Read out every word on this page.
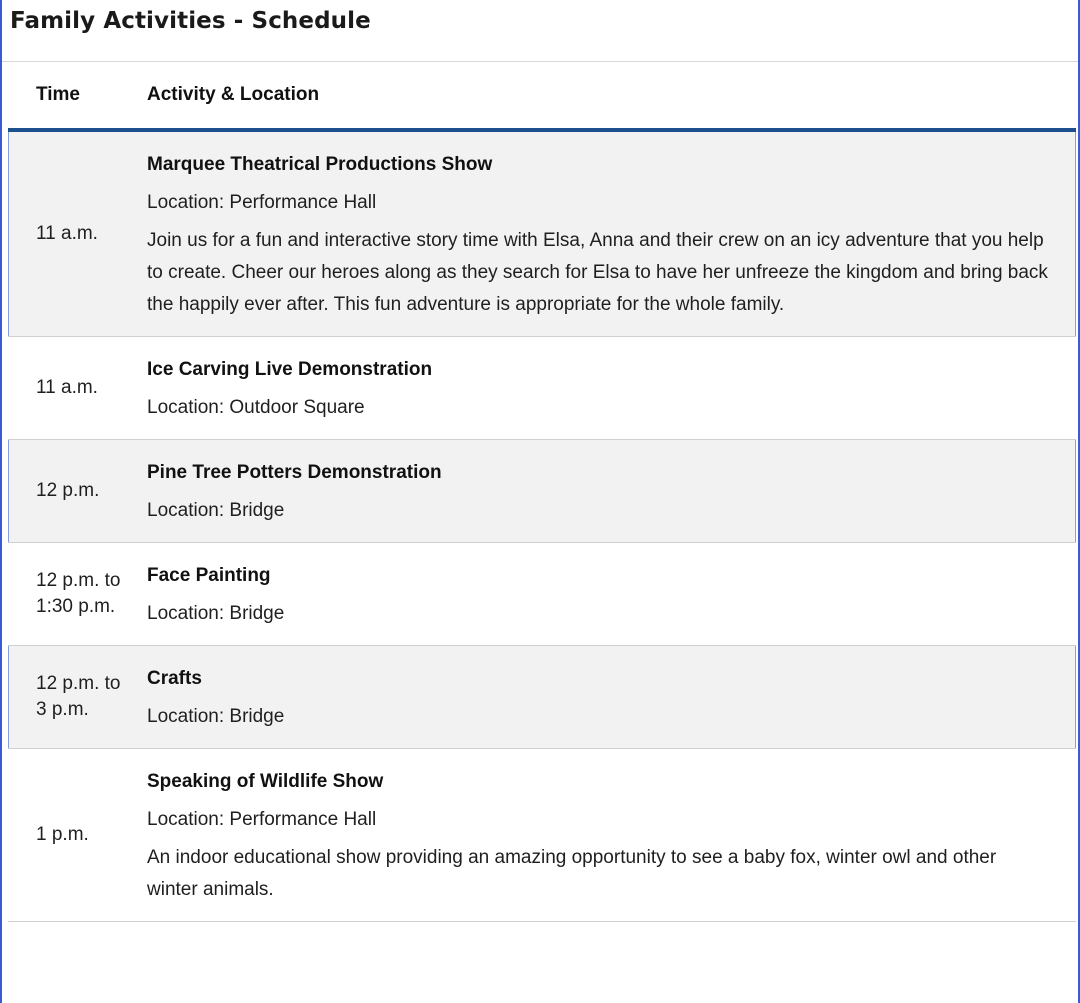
Family Activities - Schedule
Time	Activity & Location

11 a.m.	Marquee Theatrical Productions Show
Location: Performance Hall
Join us for a fun and interactive story time with Elsa, Anna and their crew on an icy adventure that you help to create. Cheer our heroes along as they search for Elsa to have her unfreeze the kingdom and bring back the happily ever after. This fun adventure is appropriate for the whole family.

11 a.m.	Ice Carving Live Demonstration
Location: Outdoor Square

12 p.m.	Pine Tree Potters Demonstration
Location: Bridge

12 p.m. to 1:30 p.m.	Face Painting
Location: Bridge

12 p.m. to 3 p.m.	Crafts
Location: Bridge

1 p.m.	Speaking of Wildlife Show
Location: Performance Hall
An indoor educational show providing an amazing opportunity to see a baby fox, winter owl and other winter animals.
